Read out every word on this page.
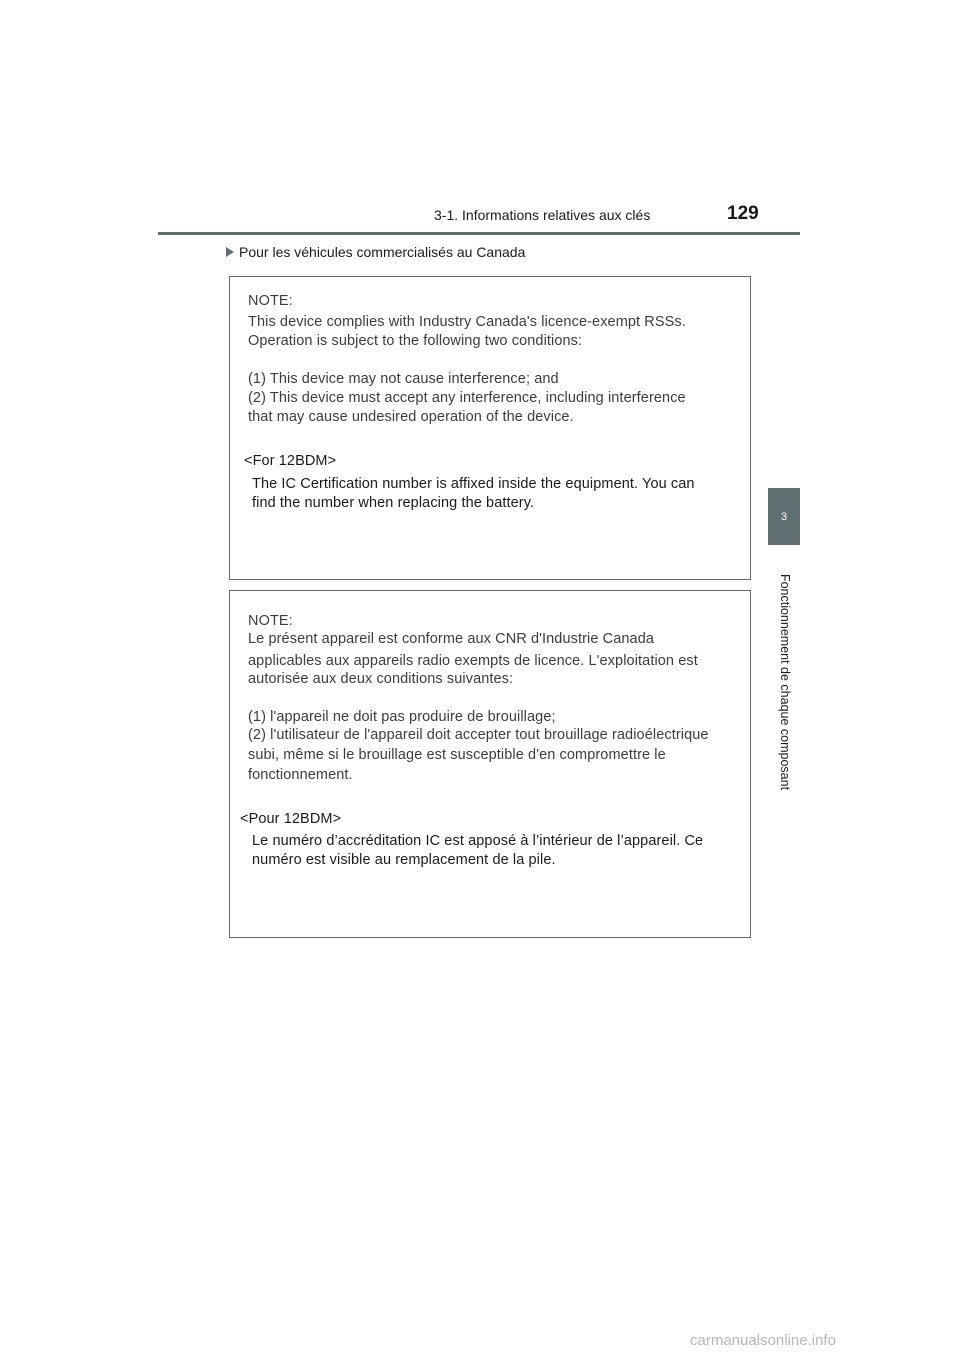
3-1. Informations relatives aux clés	129
Pour les véhicules commercialisés au Canada
NOTE:
This device complies with Industry Canada's licence-exempt RSSs.
Operation is subject to the following two conditions:
(1) This device may not cause interference; and
(2) This device must accept any interference, including interference
that may cause undesired operation of the device.
<For 12BDM>
The IC Certification number is affixed inside the equipment. You can
find the number when replacing the battery.
NOTE:
Le présent appareil est conforme aux CNR d'Industrie Canada
applicables aux appareils radio exempts de licence. L'exploitation est
autorisée aux deux conditions suivantes:
(1) l'appareil ne doit pas produire de brouillage;
(2) l'utilisateur de l'appareil doit accepter tout brouillage radioélectrique
subi, même si le brouillage est susceptible d'en compromettre le
fonctionnement.
<Pour 12BDM>
Le numéro d’accréditation IC est apposé à l’intérieur de l’appareil. Ce
numéro est visible au remplacement de la pile.
3
Fonctionnement de chaque composant
carmanualsonline.info
